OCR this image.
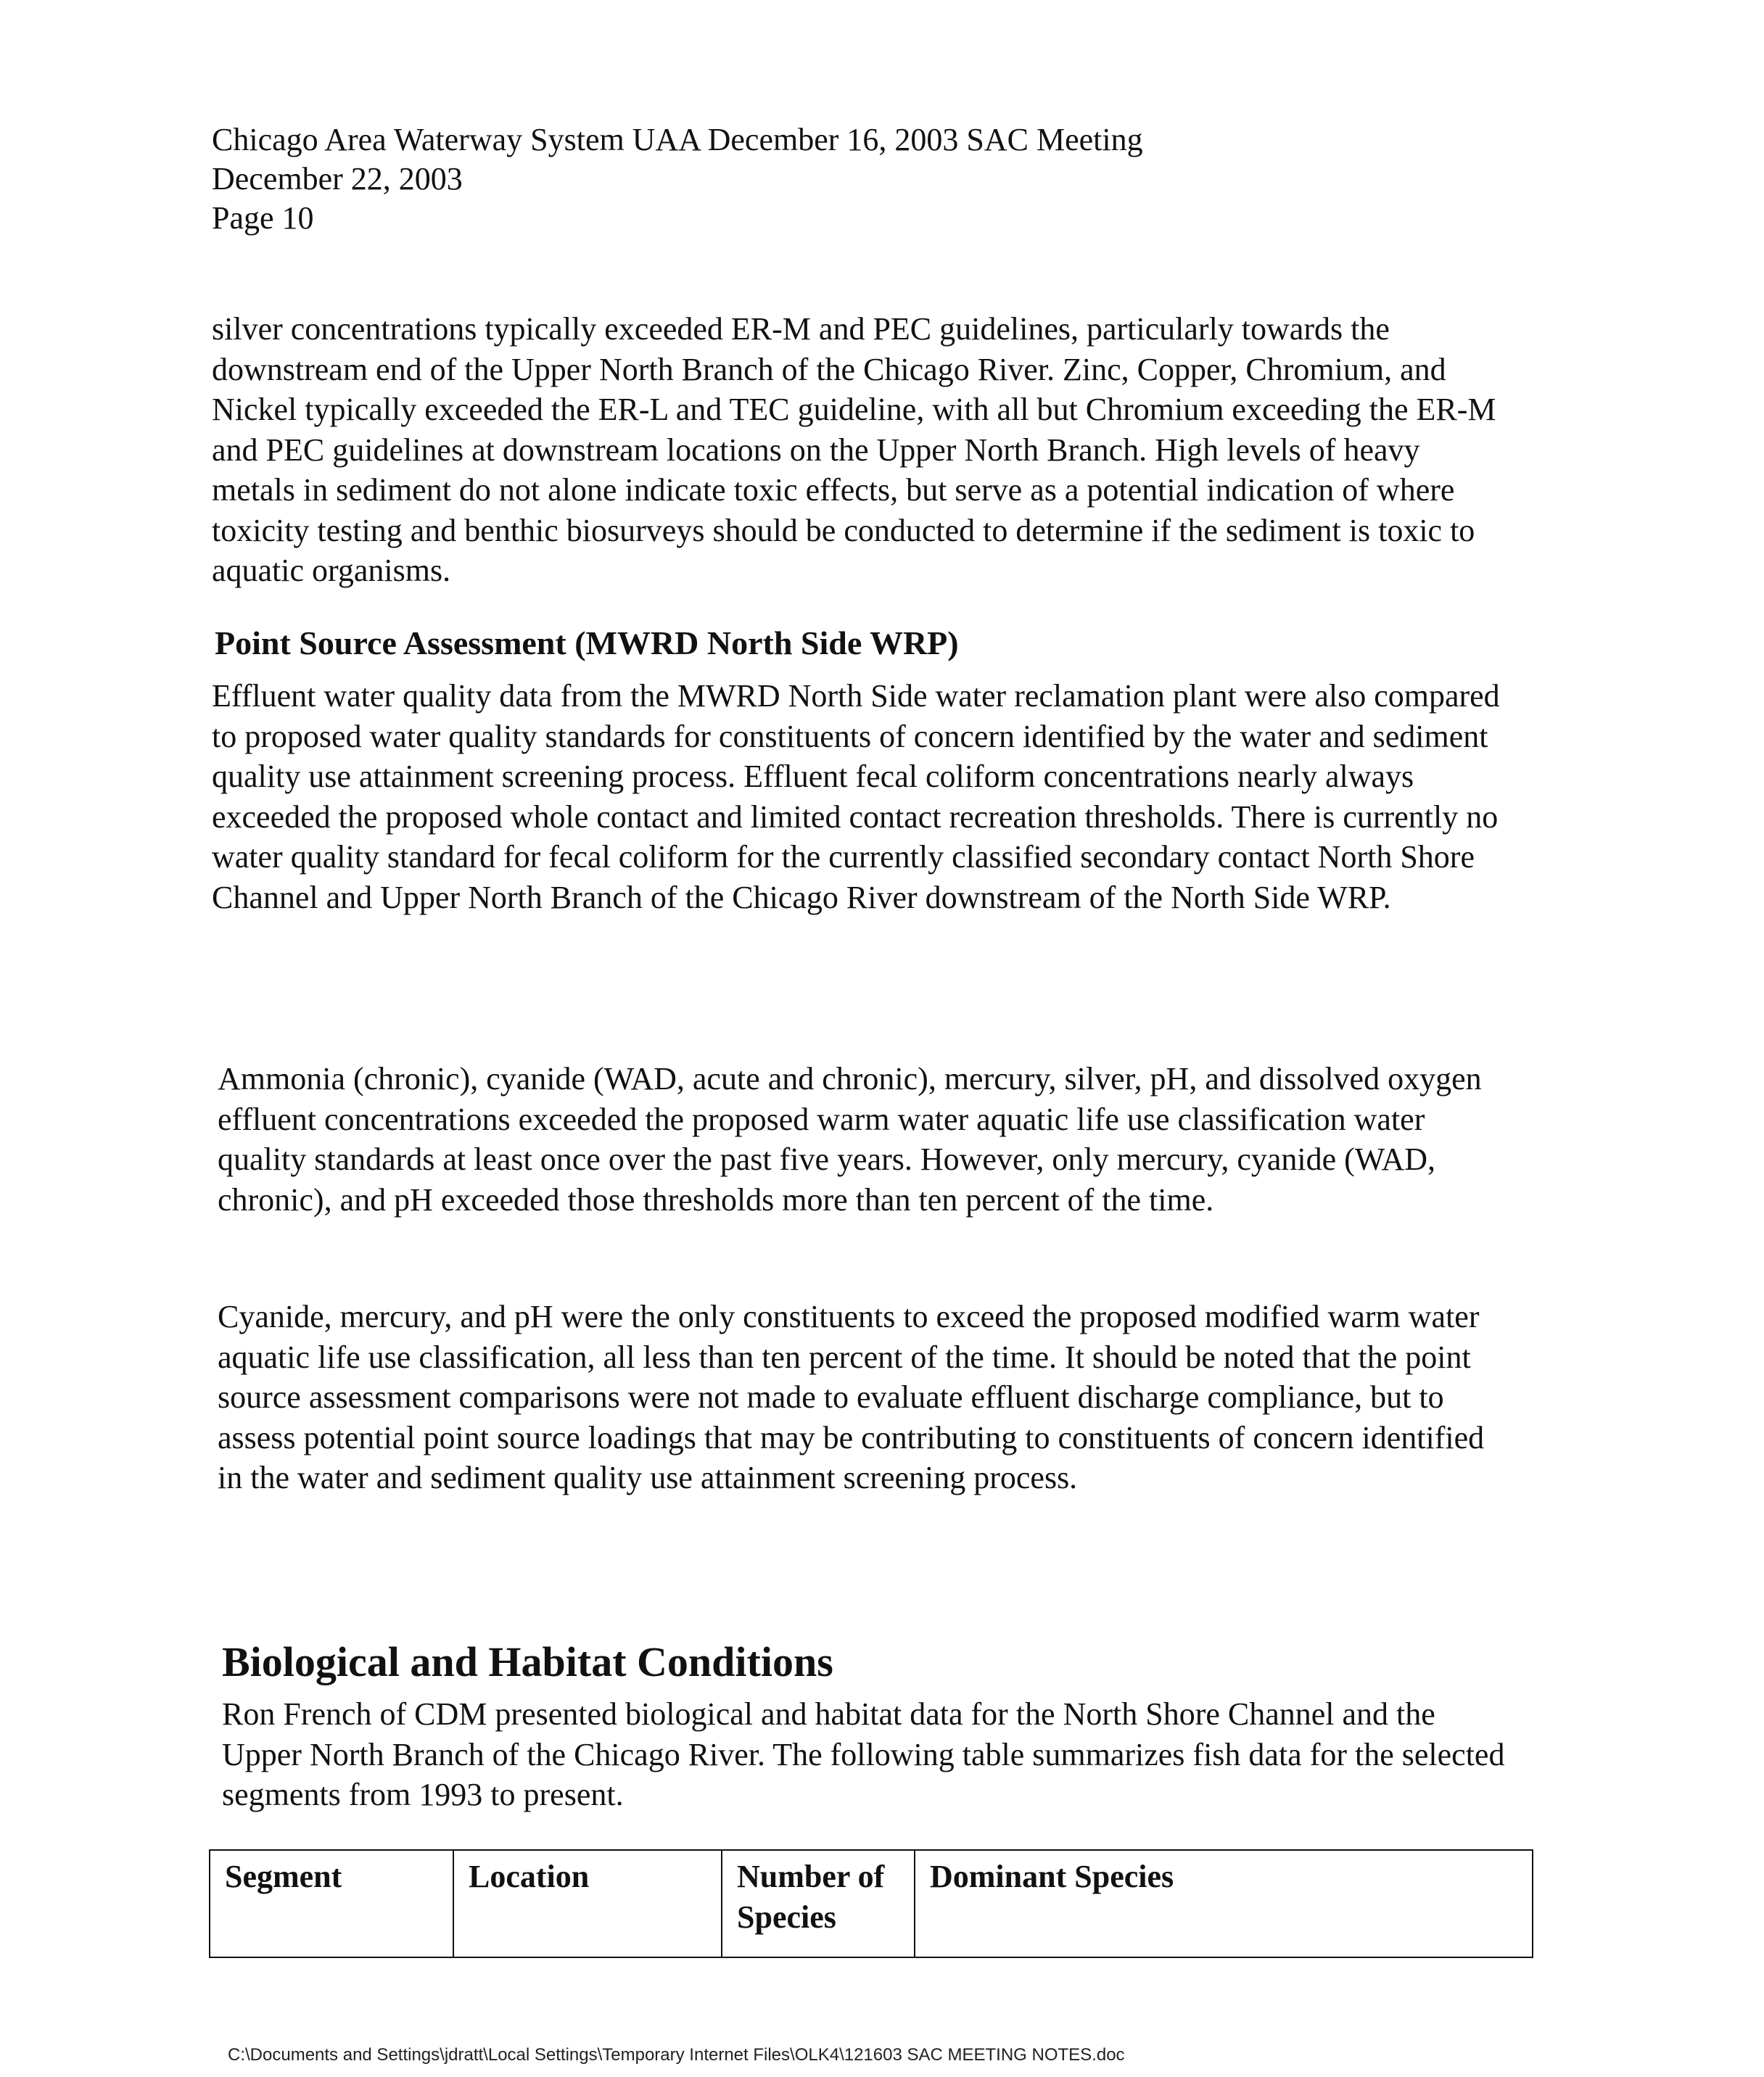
Chicago Area Waterway System UAA December 16, 2003 SAC Meeting
December 22, 2003
Page 10

silver concentrations typically exceeded ER-M and PEC guidelines, particularly towards the downstream end of the Upper North Branch of the Chicago River. Zinc, Copper, Chromium, and Nickel typically exceeded the ER-L and TEC guideline, with all but Chromium exceeding the ER-M and PEC guidelines at downstream locations on the Upper North Branch. High levels of heavy metals in sediment do not alone indicate toxic effects, but serve as a potential indication of where toxicity testing and benthic biosurveys should be conducted to determine if the sediment is toxic to aquatic organisms.

Point Source Assessment (MWRD North Side WRP)

Effluent water quality data from the MWRD North Side water reclamation plant were also compared to proposed water quality standards for constituents of concern identified by the water and sediment quality use attainment screening process. Effluent fecal coliform concentrations nearly always exceeded the proposed whole contact and limited contact recreation thresholds. There is currently no water quality standard for fecal coliform for the currently classified secondary contact North Shore Channel and Upper North Branch of the Chicago River downstream of the North Side WRP.

Ammonia (chronic), cyanide (WAD, acute and chronic), mercury, silver, pH, and dissolved oxygen effluent concentrations exceeded the proposed warm water aquatic life use classification water quality standards at least once over the past five years. However, only mercury, cyanide (WAD, chronic), and pH exceeded those thresholds more than ten percent of the time.

Cyanide, mercury, and pH were the only constituents to exceed the proposed modified warm water aquatic life use classification, all less than ten percent of the time. It should be noted that the point source assessment comparisons were not made to evaluate effluent discharge compliance, but to assess potential point source loadings that may be contributing to constituents of concern identified in the water and sediment quality use attainment screening process.

Biological and Habitat Conditions

Ron French of CDM presented biological and habitat data for the North Shore Channel and the Upper North Branch of the Chicago River. The following table summarizes fish data for the selected segments from 1993 to present.

Segment	Location	Number of Species	Dominant Species
C:\Documents and Settings\jdratt\Local Settings\Temporary Internet Files\OLK4\121603 SAC MEETING NOTES.doc
